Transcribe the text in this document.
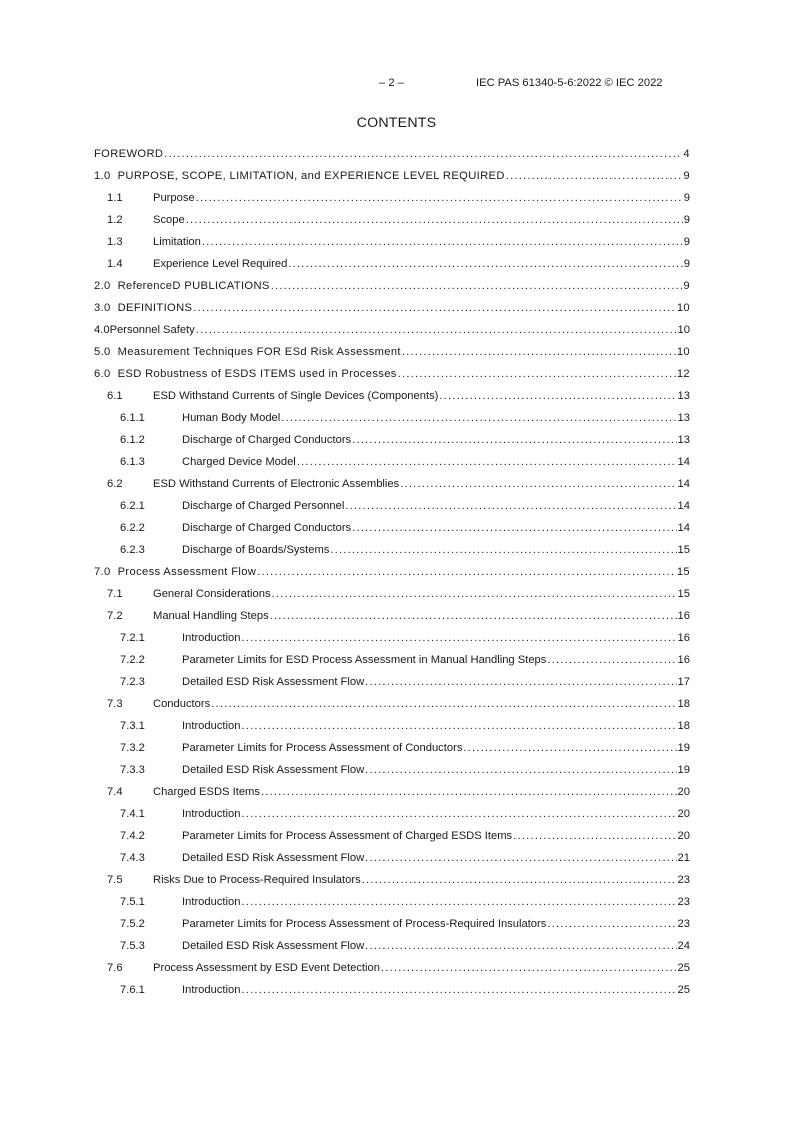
– 2 –	IEC PAS 61340-5-6:2022 © IEC 2022
CONTENTS
FOREWORD .....	4
1.0 PURPOSE, SCOPE, LIMITATION, and EXPERIENCE LEVEL REQUIRED .....	9
1.1	Purpose .....	9
1.2	Scope .....	9
1.3	Limitation .....	9
1.4	Experience Level Required .....	9
2.0 ReferenceD PUBLICATIONS .....	9
3.0 DEFINITIONS .....	10
4.0 Personnel Safety .....	10
5.0 Measurement Techniques FOR ESd Risk Assessment .....	10
6.0 ESD Robustness of ESDS ITEMS used in Processes .....	12
6.1	ESD Withstand Currents of Single Devices (Components) .....	13
6.1.1	Human Body Model .....	13
6.1.2	Discharge of Charged Conductors .....	13
6.1.3	Charged Device Model .....	14
6.2	ESD Withstand Currents of Electronic Assemblies .....	14
6.2.1	Discharge of Charged Personnel .....	14
6.2.2	Discharge of Charged Conductors .....	14
6.2.3	Discharge of Boards/Systems .....	15
7.0 Process Assessment Flow .....	15
7.1	General Considerations .....	15
7.2	Manual Handling Steps .....	16
7.2.1	Introduction .....	16
7.2.2	Parameter Limits for ESD Process Assessment in Manual Handling Steps .....	16
7.2.3	Detailed ESD Risk Assessment Flow .....	17
7.3	Conductors .....	18
7.3.1	Introduction .....	18
7.3.2	Parameter Limits for Process Assessment of Conductors .....	19
7.3.3	Detailed ESD Risk Assessment Flow .....	19
7.4	Charged ESDS Items .....	20
7.4.1	Introduction .....	20
7.4.2	Parameter Limits for Process Assessment of Charged ESDS Items .....	20
7.4.3	Detailed ESD Risk Assessment Flow .....	21
7.5	Risks Due to Process-Required Insulators .....	23
7.5.1	Introduction .....	23
7.5.2	Parameter Limits for Process Assessment of Process-Required Insulators .....	23
7.5.3	Detailed ESD Risk Assessment Flow .....	24
7.6	Process Assessment by ESD Event Detection .....	25
7.6.1	Introduction .....	25
